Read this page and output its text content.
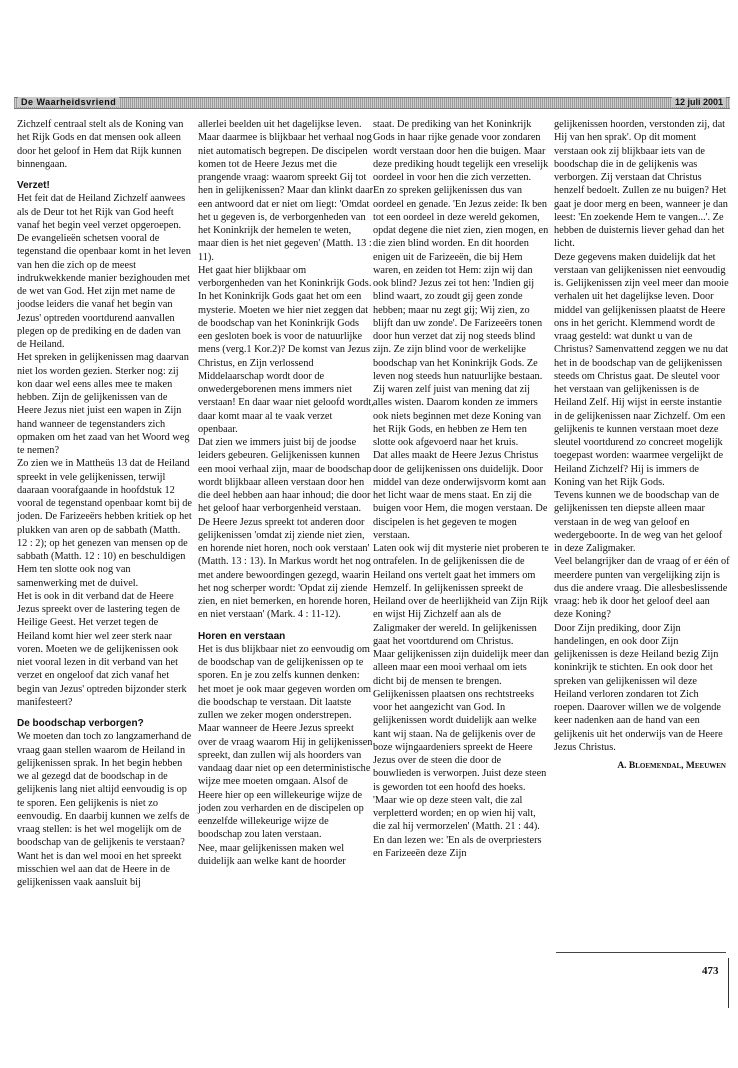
De Waarheidsvriend	12 juli 2001

Zichzelf centraal stelt als de Koning van het Rijk Gods en dat mensen ook alleen door het geloof in Hem dat Rijk kunnen binnengaan.

Verzet!

Het feit dat de Heiland Zichzelf aanwees als de Deur tot het Rijk van God heeft vanaf het begin veel verzet opgeroepen. De evangelieën schetsen vooral de tegenstand die openbaar komt in het leven van hen die zich op de meest indrukwekkende manier bezighouden met de wet van God. Het zijn met name de joodse leiders die vanaf het begin van Jezus' optreden voortdurend aanvallen plegen op de prediking en de daden van de Heiland.

Het spreken in gelijkenissen mag daarvan niet los worden gezien. Sterker nog: zij kon daar wel eens alles mee te maken hebben. Zijn de gelijkenissen van de Heere Jezus niet juist een wapen in Zijn hand wanneer de tegenstanders zich opmaken om het zaad van het Woord weg te nemen?

Zo zien we in Mattheüs 13 dat de Heiland spreekt in vele gelijkenissen, terwijl daaraan voorafgaande in hoofdstuk 12 vooral de tegenstand openbaar komt bij de joden. De Farizeeërs hebben kritiek op het plukken van aren op de sabbath (Matth. 12 : 2); op het genezen van mensen op de sabbath (Matth. 12 : 10) en beschuldigen Hem ten slotte ook nog van samenwerking met de duivel.

Het is ook in dit verband dat de Heere Jezus spreekt over de lastering tegen de Heilige Geest. Het verzet tegen de Heiland komt hier wel zeer sterk naar voren. Moeten we de gelijkenissen ook niet vooral lezen in dit verband van het verzet en ongeloof dat zich vanaf het begin van Jezus' optreden bijzonder sterk manifesteert?

De boodschap verborgen?

We moeten dan toch zo langzamerhand de vraag gaan stellen waarom de Heiland in gelijkenissen sprak. In het begin hebben we al gezegd dat de boodschap in de gelijkenis lang niet altijd eenvoudig is op te sporen. Een gelijkenis is niet zo eenvoudig. En daarbij kunnen we zelfs de vraag stellen: is het wel mogelijk om de boodschap van de gelijkenis te verstaan? Want het is dan wel mooi en het spreekt misschien wel aan dat de Heere in de gelijkenissen vaak aansluit bij

allerlei beelden uit het dagelijkse leven. Maar daarmee is blijkbaar het verhaal nog niet automatisch begrepen. De discipelen komen tot de Heere Jezus met die prangende vraag: waarom spreekt Gij tot hen in gelijkenissen? Maar dan klinkt daar een antwoord dat er niet om liegt: 'Omdat het u gegeven is, de verborgenheden van het Koninkrijk der hemelen te weten, maar dien is het niet gegeven' (Matth. 13 : 11).

Het gaat hier blijkbaar om verborgenheden van het Koninkrijk Gods. In het Koninkrijk Gods gaat het om een mysterie. Moeten we hier niet zeggen dat de boodschap van het Koninkrijk Gods een gesloten boek is voor de natuurlijke mens (verg.1 Kor.2)? De komst van Jezus Christus, en Zijn verlossend Middelaarschap wordt door de onwedergeborenen mens immers niet verstaan! En daar waar niet geloofd wordt, daar komt maar al te vaak verzet openbaar.

Dat zien we immers juist bij de joodse leiders gebeuren. Gelijkenissen kunnen een mooi verhaal zijn, maar de boodschap wordt blijkbaar alleen verstaan door hen die deel hebben aan haar inhoud; die door het geloof haar verborgenheid verstaan.

De Heere Jezus spreekt tot anderen door gelijkenissen 'omdat zij ziende niet zien, en horende niet horen, noch ook verstaan' (Matth. 13 : 13). In Markus wordt het nog met andere bewoordingen gezegd, waarin het nog scherper wordt: 'Opdat zij ziende zien, en niet bemerken, en horende horen, en niet verstaan' (Mark. 4 : 11-12).

Horen en verstaan

Het is dus blijkbaar niet zo eenvoudig om de boodschap van de gelijkenissen op te sporen. En je zou zelfs kunnen denken: het moet je ook maar gegeven worden om die boodschap te verstaan. Dit laatste zullen we zeker mogen onderstrepen. Maar wanneer de Heere Jezus spreekt over de vraag waarom Hij in gelijkenissen spreekt, dan zullen wij als hoorders van vandaag daar niet op een deterministische wijze mee moeten omgaan. Alsof de Heere hier op een willekeurige wijze de joden zou verharden en de discipelen op eenzelfde willekeurige wijze de boodschap zou laten verstaan.

Nee, maar gelijkenissen maken wel duidelijk aan welke kant de hoorder

staat. De prediking van het Koninkrijk Gods in haar rijke genade voor zondaren wordt verstaan door hen die buigen. Maar deze prediking houdt tegelijk een vreselijk oordeel in voor hen die zich verzetten.

En zo spreken gelijkenissen dus van oordeel en genade. 'En Jezus zeide: Ik ben tot een oordeel in deze wereld gekomen, opdat degene die niet zien, zien mogen, en die zien blind worden. En dit hoorden enigen uit de Farizeeën, die bij Hem waren, en zeiden tot Hem: zijn wij dan ook blind? Jezus zei tot hen: 'Indien gij blind waart, zo zoudt gij geen zonde hebben; maar nu zegt gij; Wij zien, zo blijft dan uw zonde'. De Farizeeërs tonen door hun verzet dat zij nog steeds blind zijn. Ze zijn blind voor de werkelijke boodschap van het Koninkrijk Gods. Ze leven nog steeds hun natuurlijke bestaan. Zij waren zelf juist van mening dat zij alles wisten. Daarom konden ze immers ook niets beginnen met deze Koning van het Rijk Gods, en hebben ze Hem ten slotte ook afgevoerd naar het kruis.

Dat alles maakt de Heere Jezus Christus door de gelijkenissen ons duidelijk. Door middel van deze onderwijsvorm komt aan het licht waar de mens staat. En zij die buigen voor Hem, die mogen verstaan. De discipelen is het gegeven te mogen verstaan.

Laten ook wij dit mysterie niet proberen te ontrafelen. In de gelijkenissen die de Heiland ons vertelt gaat het immers om Hemzelf. In gelijkenissen spreekt de Heiland over de heerlijkheid van Zijn Rijk en wijst Hij Zichzelf aan als de Zaligmaker der wereld. In gelijkenissen gaat het voortdurend om Christus.

Maar gelijkenissen zijn duidelijk meer dan alleen maar een mooi verhaal om iets dicht bij de mensen te brengen. Gelijkenissen plaatsen ons rechtstreeks voor het aangezicht van God. In gelijkenissen wordt duidelijk aan welke kant wij staan. Na de gelijkenis over de boze wijngaardeniers spreekt de Heere Jezus over de steen die door de bouwlieden is verworpen. Juist deze steen is geworden tot een hoofd des hoeks.

'Maar wie op deze steen valt, die zal verpletterd worden; en op wien hij valt, die zal hij vermorzelen' (Matth. 21 : 44). En dan lezen we: 'En als de overpriesters en Farizeeën deze Zijn

gelijkenissen hoorden, verstonden zij, dat Hij van hen sprak'. Op dit moment verstaan ook zij blijkbaar iets van de boodschap die in de gelijkenis was verborgen. Zij verstaan dat Christus henzelf bedoelt. Zullen ze nu buigen? Het gaat je door merg en been, wanneer je dan leest: 'En zoekende Hem te vangen...'. Ze hebben de duisternis liever gehad dan het licht.

Deze gegevens maken duidelijk dat het verstaan van gelijkenissen niet eenvoudig is. Gelijkenissen zijn veel meer dan mooie verhalen uit het dagelijkse leven. Door middel van gelijkenissen plaatst de Heere ons in het gericht. Klemmend wordt de vraag gesteld: wat dunkt u van de Christus? Samenvattend zeggen we nu dat het in de boodschap van de gelijkenissen steeds om Christus gaat. De sleutel voor het verstaan van gelijkenissen is de Heiland Zelf. Hij wijst in eerste instantie in de gelijkenissen naar Zichzelf. Om een gelijkenis te kunnen verstaan moet deze sleutel voortdurend zo concreet mogelijk toegepast worden: waarmee vergelijkt de Heiland Zichzelf? Hij is immers de Koning van het Rijk Gods.

Tevens kunnen we de boodschap van de gelijkenissen ten diepste alleen maar verstaan in de weg van geloof en wedergeboorte. In de weg van het geloof in deze Zaligmaker.

Veel belangrijker dan de vraag of er één of meerdere punten van vergelijking zijn is dus die andere vraag. Die allesbeslissende vraag: heb ik door het geloof deel aan deze Koning?

Door Zijn prediking, door Zijn handelingen, en ook door Zijn gelijkenissen is deze Heiland bezig Zijn koninkrijk te stichten. En ook door het spreken van gelijkenissen wil deze Heiland verloren zondaren tot Zich roepen. Daarover willen we de volgende keer nadenken aan de hand van een gelijkenis uit het onderwijs van de Heere Jezus Christus.

A. Bloemendal, Meeuwen

473
